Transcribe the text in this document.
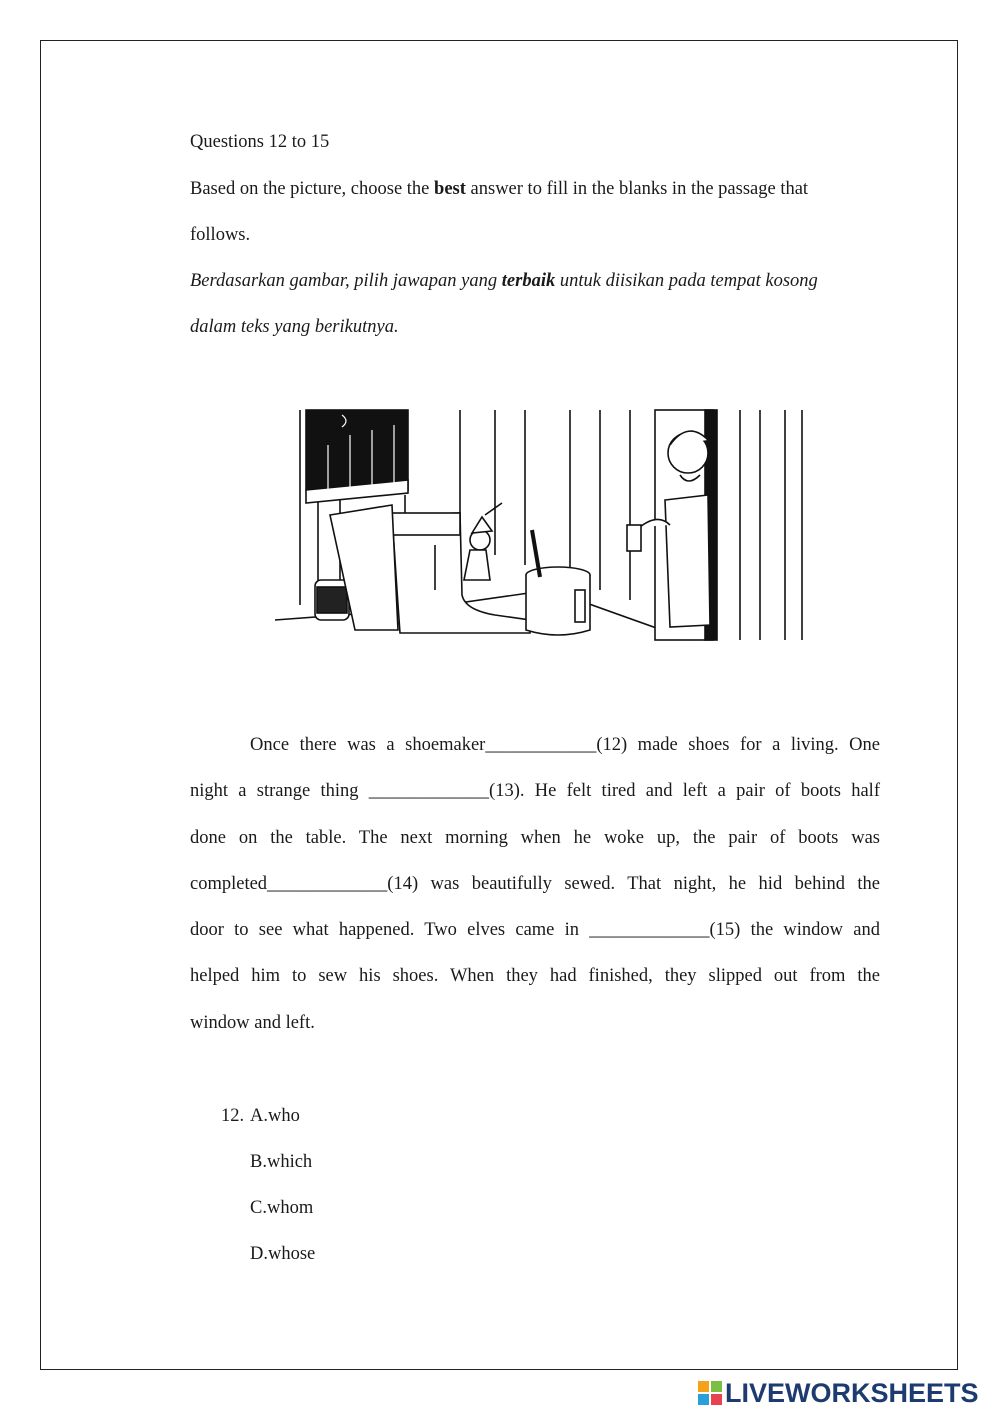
Questions 12 to 15
Based on the picture, choose the best answer to fill in the blanks in the passage that
follows.
Berdasarkan gambar, pilih jawapan yang terbaik untuk diisikan pada tempat kosong
dalam teks yang berikutnya.
Once there was a shoemaker____________(12) made shoes for a living. One
night a strange thing _____________(13). He felt tired and left a pair of boots half
done on the table. The next morning when he woke up, the pair of boots was
completed_____________(14) was beautifully sewed. That night, he hid behind the
door to see what happened. Two elves came in _____________(15) the window and
helped him to sew his shoes. When they had finished, they slipped out from the
window and left.
12. A.who
B.which
C.whom
D.whose
LIVEWORKSHEETS
